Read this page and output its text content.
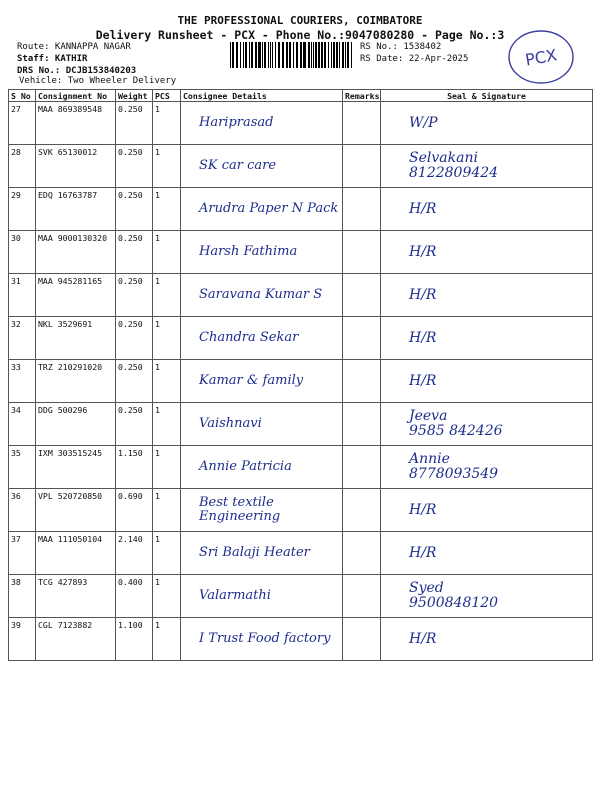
THE PROFESSIONAL COURIERS, COIMBATORE
Delivery Runsheet - PCX - Phone No.:9047080280 - Page No.:3
Route: KANNAPPA NAGAR
Staff: KATHIR
DRS No.: DCJB153840203
Vehicle: Two Wheeler Delivery
RS No.: 1538402
RS Date: 22-Apr-2025	PCX
S No	Consignment No	Weight	PCS	Consignee Details	Remarks	Seal & Signature
27	MAA 869389548	0.250	1	Hariprasad		W/P

28	SVK 65130012	0.250	1	SK car care		Selvakani
8122809424

29	EDQ 16763787	0.250	1	Arudra Paper N Pack		H/R

30	MAA 9000130320	0.250	1	Harsh Fathima		H/R

31	MAA 945281165	0.250	1	Saravana Kumar S		H/R

32	NKL 3529691	0.250	1	Chandra Sekar		H/R

33	TRZ 210291020	0.250	1	Kamar & family		H/R

34	DDG 500296	0.250	1	Vaishnavi		Jeeva
9585 842426

35	IXM 303515245	1.150	1	Annie Patricia		Annie
8778093549

36	VPL 520720850	0.690	1	Best textile Engineering		H/R

37	MAA 111050104	2.140	1	Sri Balaji Heater		H/R

38	TCG 427893	0.400	1	Valarmathi		Syed
9500848120

39	CGL 7123882	1.100	1	I Trust Food factory		H/R
